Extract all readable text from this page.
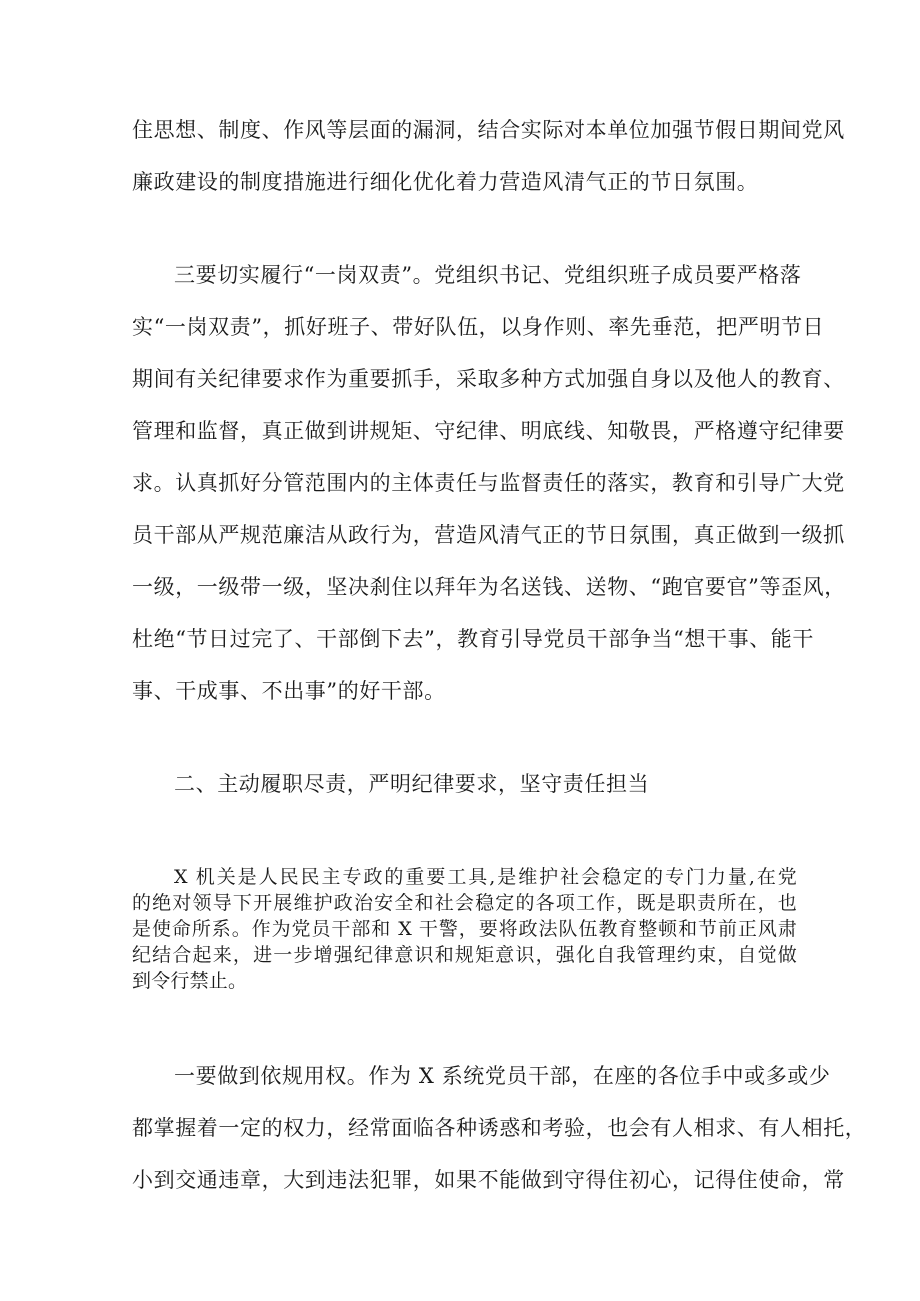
住思想、制度、作风等层面的漏洞，结合实际对本单位加强节假日期间党风
廉政建设的制度措施进行细化优化着力营造风清气正的节日氛围。
三要切实履行“一岗双责”。党组织书记、党组织班子成员要严格落
实“一岗双责”，抓好班子、带好队伍，以身作则、率先垂范，把严明节日
期间有关纪律要求作为重要抓手，采取多种方式加强自身以及他人的教育、
管理和监督，真正做到讲规矩、守纪律、明底线、知敬畏，严格遵守纪律要
求。认真抓好分管范围内的主体责任与监督责任的落实，教育和引导广大党
员干部从严规范廉洁从政行为，营造风清气正的节日氛围，真正做到一级抓
一级，一级带一级，坚决刹住以拜年为名送钱、送物、“跑官要官”等歪风，
杜绝“节日过完了、干部倒下去”，教育引导党员干部争当“想干事、能干
事、干成事、不出事”的好干部。
二、主动履职尽责，严明纪律要求，坚守责任担当
X 机关是人民民主专政的重要工具,是维护社会稳定的专门力量,在党
的绝对领导下开展维护政治安全和社会稳定的各项工作，既是职责所在，也
是使命所系。作为党员干部和 X 干警，要将政法队伍教育整顿和节前正风肃
纪结合起来，进一步增强纪律意识和规矩意识，强化自我管理约束，自觉做
到令行禁止。
一要做到依规用权。作为 X 系统党员干部，在座的各位手中或多或少
都掌握着一定的权力，经常面临各种诱惑和考验，也会有人相求、有人相托，
小到交通违章，大到违法犯罪，如果不能做到守得住初心，记得住使命，常
